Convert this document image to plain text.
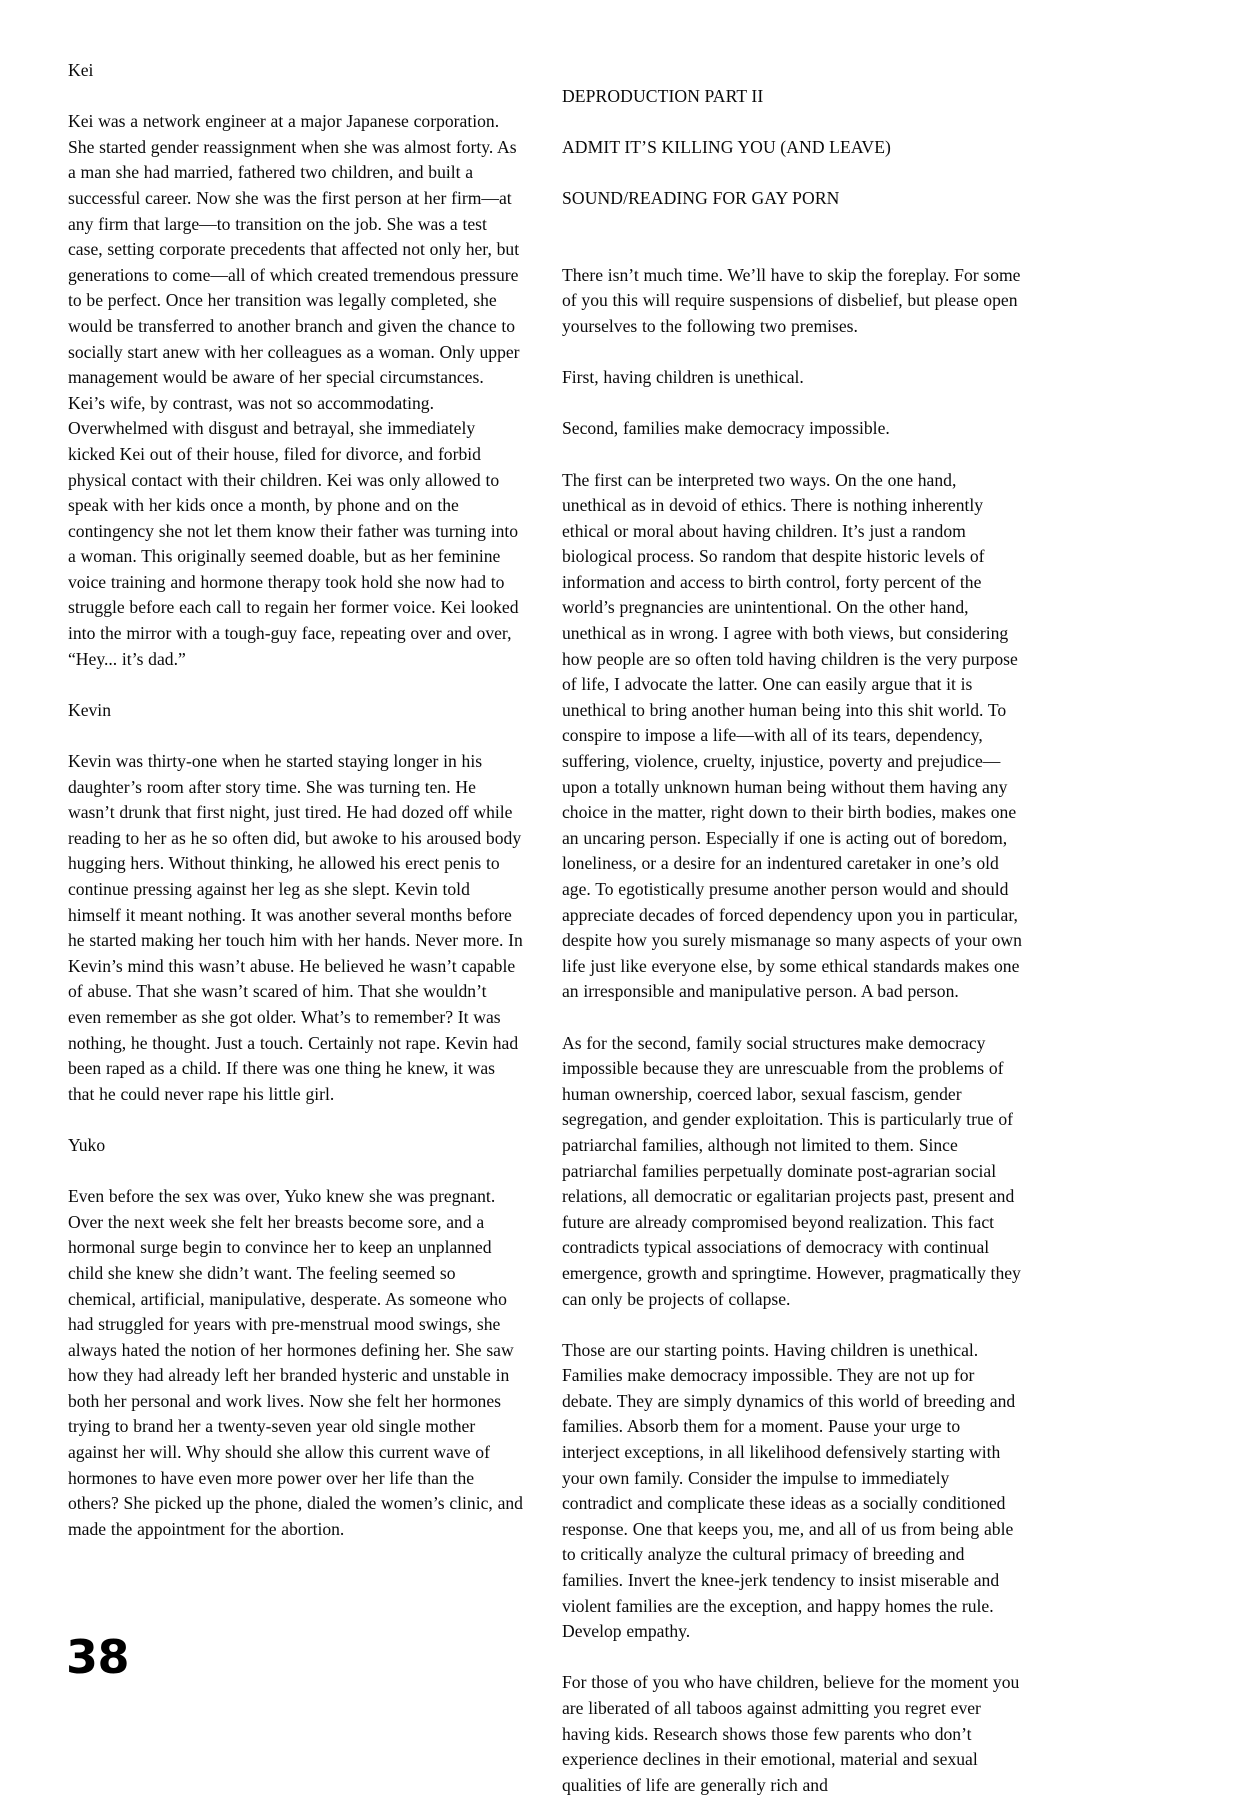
Kei

Kei was a network engineer at a major Japanese corporation. She started gender reassignment when she was almost forty. As a man she had married, fathered two children, and built a successful career. Now she was the first person at her firm—at any firm that large—to transition on the job. She was a test case, setting corporate precedents that affected not only her, but generations to come—all of which created tremendous pressure to be perfect. Once her transition was legally completed, she would be transferred to another branch and given the chance to socially start anew with her colleagues as a woman. Only upper management would be aware of her special circumstances. Kei’s wife, by contrast, was not so accommodating. Overwhelmed with disgust and betrayal, she immediately kicked Kei out of their house, filed for divorce, and forbid physical contact with their children. Kei was only allowed to speak with her kids once a month, by phone and on the contingency she not let them know their father was turning into a woman. This originally seemed doable, but as her feminine voice training and hormone therapy took hold she now had to struggle before each call to regain her former voice. Kei looked into the mirror with a tough-guy face, repeating over and over, “Hey... it’s dad.”

Kevin

Kevin was thirty-one when he started staying longer in his daughter’s room after story time. She was turning ten. He wasn’t drunk that first night, just tired. He had dozed off while reading to her as he so often did, but awoke to his aroused body hugging hers. Without thinking, he allowed his erect penis to continue pressing against her leg as she slept. Kevin told himself it meant nothing. It was another several months before he started making her touch him with her hands. Never more. In Kevin’s mind this wasn’t abuse. He believed he wasn’t capable of abuse. That she wasn’t scared of him. That she wouldn’t even remember as she got older. What’s to remember? It was nothing, he thought. Just a touch. Certainly not rape. Kevin had been raped as a child. If there was one thing he knew, it was that he could never rape his little girl.

Yuko

Even before the sex was over, Yuko knew she was pregnant. Over the next week she felt her breasts become sore, and a hormonal surge begin to convince her to keep an unplanned child she knew she didn’t want. The feeling seemed so chemical, artificial, manipulative, desperate. As someone who had struggled for years with pre-menstrual mood swings, she always hated the notion of her hormones defining her. She saw how they had already left her branded hysteric and unstable in both her personal and work lives. Now she felt her hormones trying to brand her a twenty-seven year old single mother against her will. Why should she allow this current wave of hormones to have even more power over her life than the others? She picked up the phone, dialed the women’s clinic, and made the appointment for the abortion.

DEPRODUCTION PART II

ADMIT IT’S KILLING YOU (AND LEAVE)

SOUND/READING FOR GAY PORN

There isn’t much time. We’ll have to skip the foreplay. For some of you this will require suspensions of disbelief, but please open yourselves to the following two premises.

First, having children is unethical.

Second, families make democracy impossible.

The first can be interpreted two ways. On the one hand, unethical as in devoid of ethics. There is nothing inherently ethical or moral about having children. It’s just a random biological process. So random that despite historic levels of information and access to birth control, forty percent of the world’s pregnancies are unintentional. On the other hand, unethical as in wrong. I agree with both views, but considering how people are so often told having children is the very purpose of life, I advocate the latter. One can easily argue that it is unethical to bring another human being into this shit world. To conspire to impose a life—with all of its tears, dependency, suffering, violence, cruelty, injustice, poverty and prejudice—upon a totally unknown human being without them having any choice in the matter, right down to their birth bodies, makes one an uncaring person. Especially if one is acting out of boredom, loneliness, or a desire for an indentured caretaker in one’s old age. To egotistically presume another person would and should appreciate decades of forced dependency upon you in particular, despite how you surely mismanage so many aspects of your own life just like everyone else, by some ethical standards makes one an irresponsible and manipulative person. A bad person.

As for the second, family social structures make democracy impossible because they are unrescuable from the problems of human ownership, coerced labor, sexual fascism, gender segregation, and gender exploitation. This is particularly true of patriarchal families, although not limited to them. Since patriarchal families perpetually dominate post-agrarian social relations, all democratic or egalitarian projects past, present and future are already compromised beyond realization. This fact contradicts typical associations of democracy with continual emergence, growth and springtime. However, pragmatically they can only be projects of collapse.

Those are our starting points. Having children is unethical. Families make democracy impossible. They are not up for debate. They are simply dynamics of this world of breeding and families. Absorb them for a moment. Pause your urge to interject exceptions, in all likelihood defensively starting with your own family. Consider the impulse to immediately contradict and complicate these ideas as a socially conditioned response. One that keeps you, me, and all of us from being able to critically analyze the cultural primacy of breeding and families. Invert the knee-jerk tendency to insist miserable and violent families are the exception, and happy homes the rule. Develop empathy.

For those of you who have children, believe for the moment you are liberated of all taboos against admitting you regret ever having kids. Research shows those few parents who don’t experience declines in their emotional, material and sexual qualities of life are generally rich and

38
